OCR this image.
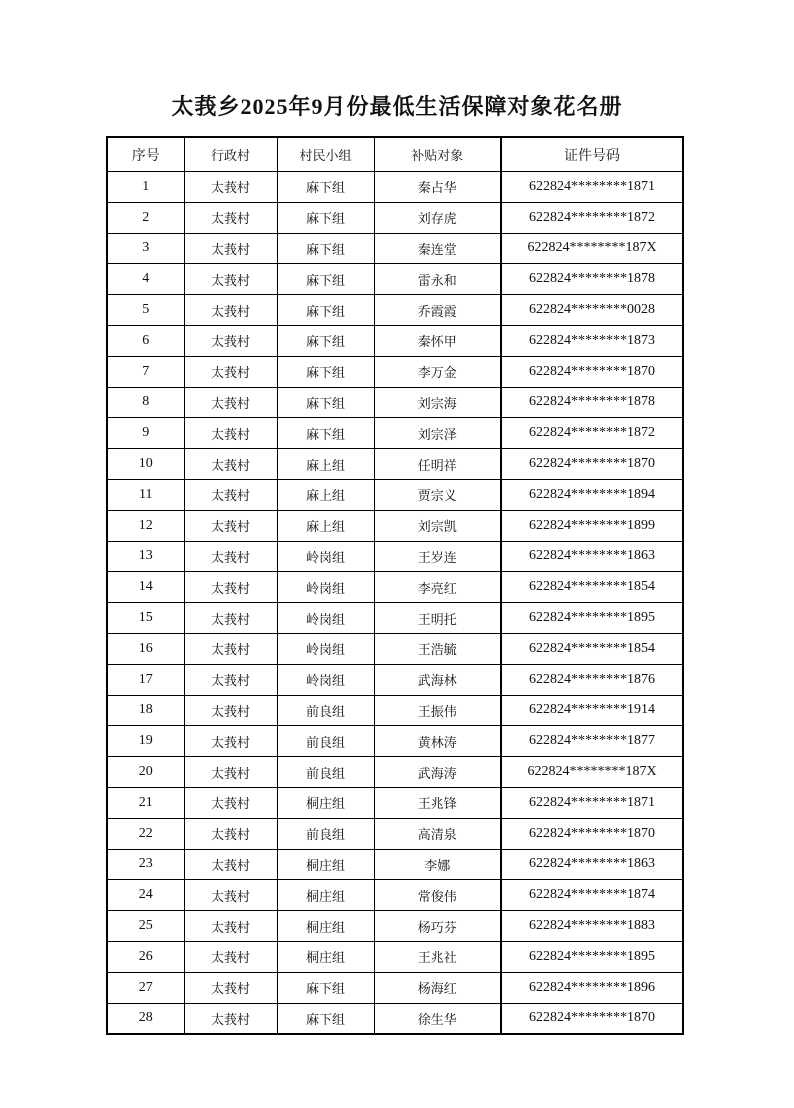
太莪乡2025年9月份最低生活保障对象花名册
序号	行政村	村民小组	补贴对象	证件号码
1	太莪村	麻下组	秦占华	622824********1871
2	太莪村	麻下组	刘存虎	622824********1872
3	太莪村	麻下组	秦连堂	622824********187X
4	太莪村	麻下组	雷永和	622824********1878
5	太莪村	麻下组	乔霞霞	622824********0028
6	太莪村	麻下组	秦怀甲	622824********1873
7	太莪村	麻下组	李万金	622824********1870
8	太莪村	麻下组	刘宗海	622824********1878
9	太莪村	麻下组	刘宗泽	622824********1872
10	太莪村	麻上组	任明祥	622824********1870
11	太莪村	麻上组	贾宗义	622824********1894
12	太莪村	麻上组	刘宗凯	622824********1899
13	太莪村	岭岗组	王岁连	622824********1863
14	太莪村	岭岗组	李亮红	622824********1854
15	太莪村	岭岗组	王明托	622824********1895
16	太莪村	岭岗组	王浩毓	622824********1854
17	太莪村	岭岗组	武海林	622824********1876
18	太莪村	前良组	王振伟	622824********1914
19	太莪村	前良组	黄林涛	622824********1877
20	太莪村	前良组	武海涛	622824********187X
21	太莪村	桐庄组	王兆锋	622824********1871
22	太莪村	前良组	高清泉	622824********1870
23	太莪村	桐庄组	李娜	622824********1863
24	太莪村	桐庄组	常俊伟	622824********1874
25	太莪村	桐庄组	杨巧芬	622824********1883
26	太莪村	桐庄组	王兆社	622824********1895
27	太莪村	麻下组	杨海红	622824********1896
28	太莪村	麻下组	徐生华	622824********1870
